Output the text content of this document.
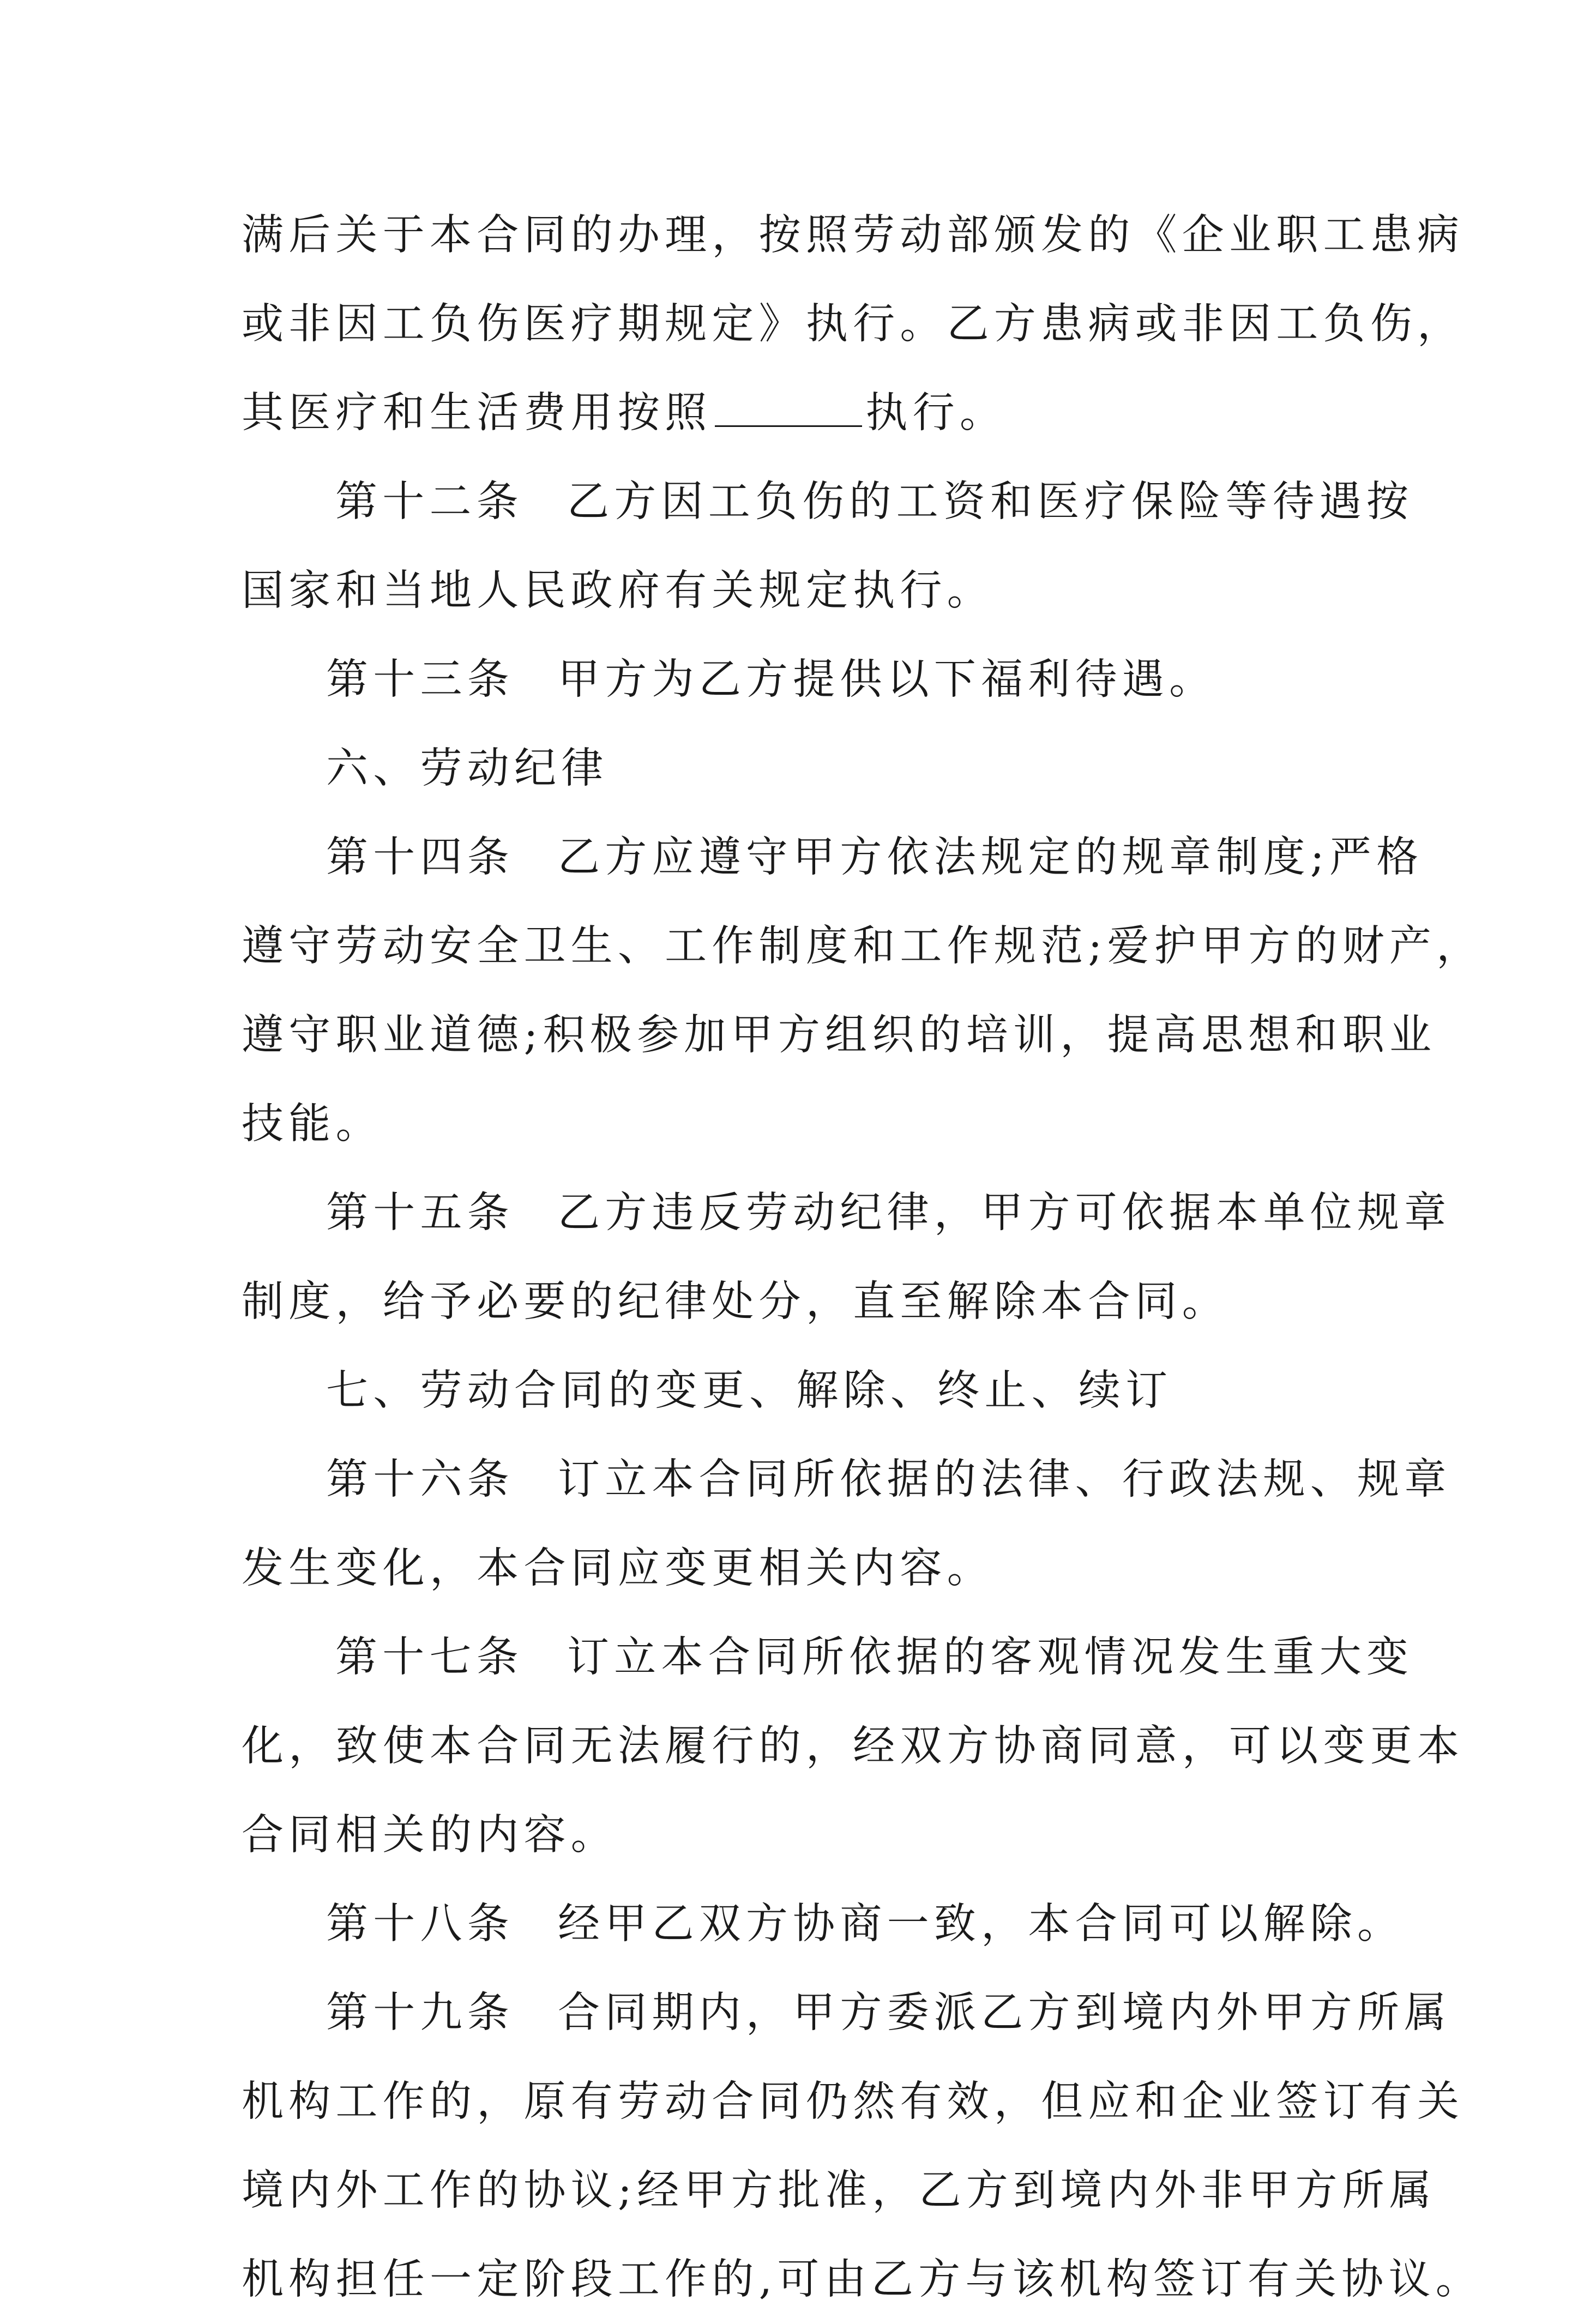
满后关于本合同的办理，按照劳动部颁发的《企业职工患病
或非因工负伤医疗期规定》执行。乙方患病或非因工负伤，
其医疗和生活费用按照	执行。
第十二条 乙方因工负伤的工资和医疗保险等待遇按
国家和当地人民政府有关规定执行。
第十三条 甲方为乙方提供以下福利待遇。
六、劳动纪律
第十四条 乙方应遵守甲方依法规定的规章制度;严格
遵守劳动安全卫生、工作制度和工作规范;爱护甲方的财产，
遵守职业道德;积极参加甲方组织的培训，提高思想和职业
技能。
第十五条 乙方违反劳动纪律，甲方可依据本单位规章
制度，给予必要的纪律处分，直至解除本合同。
七、劳动合同的变更、解除、终止、续订
第十六条 订立本合同所依据的法律、行政法规、规章
发生变化，本合同应变更相关内容。
第十七条 订立本合同所依据的客观情况发生重大变
化，致使本合同无法履行的，经双方协商同意，可以变更本
合同相关的内容。
第十八条 经甲乙双方协商一致，本合同可以解除。
第十九条 合同期内，甲方委派乙方到境内外甲方所属
机构工作的，原有劳动合同仍然有效，但应和企业签订有关
境内外工作的协议;经甲方批准，乙方到境内外非甲方所属
机构担任一定阶段工作的,可由乙方与该机构签订有关协议。
